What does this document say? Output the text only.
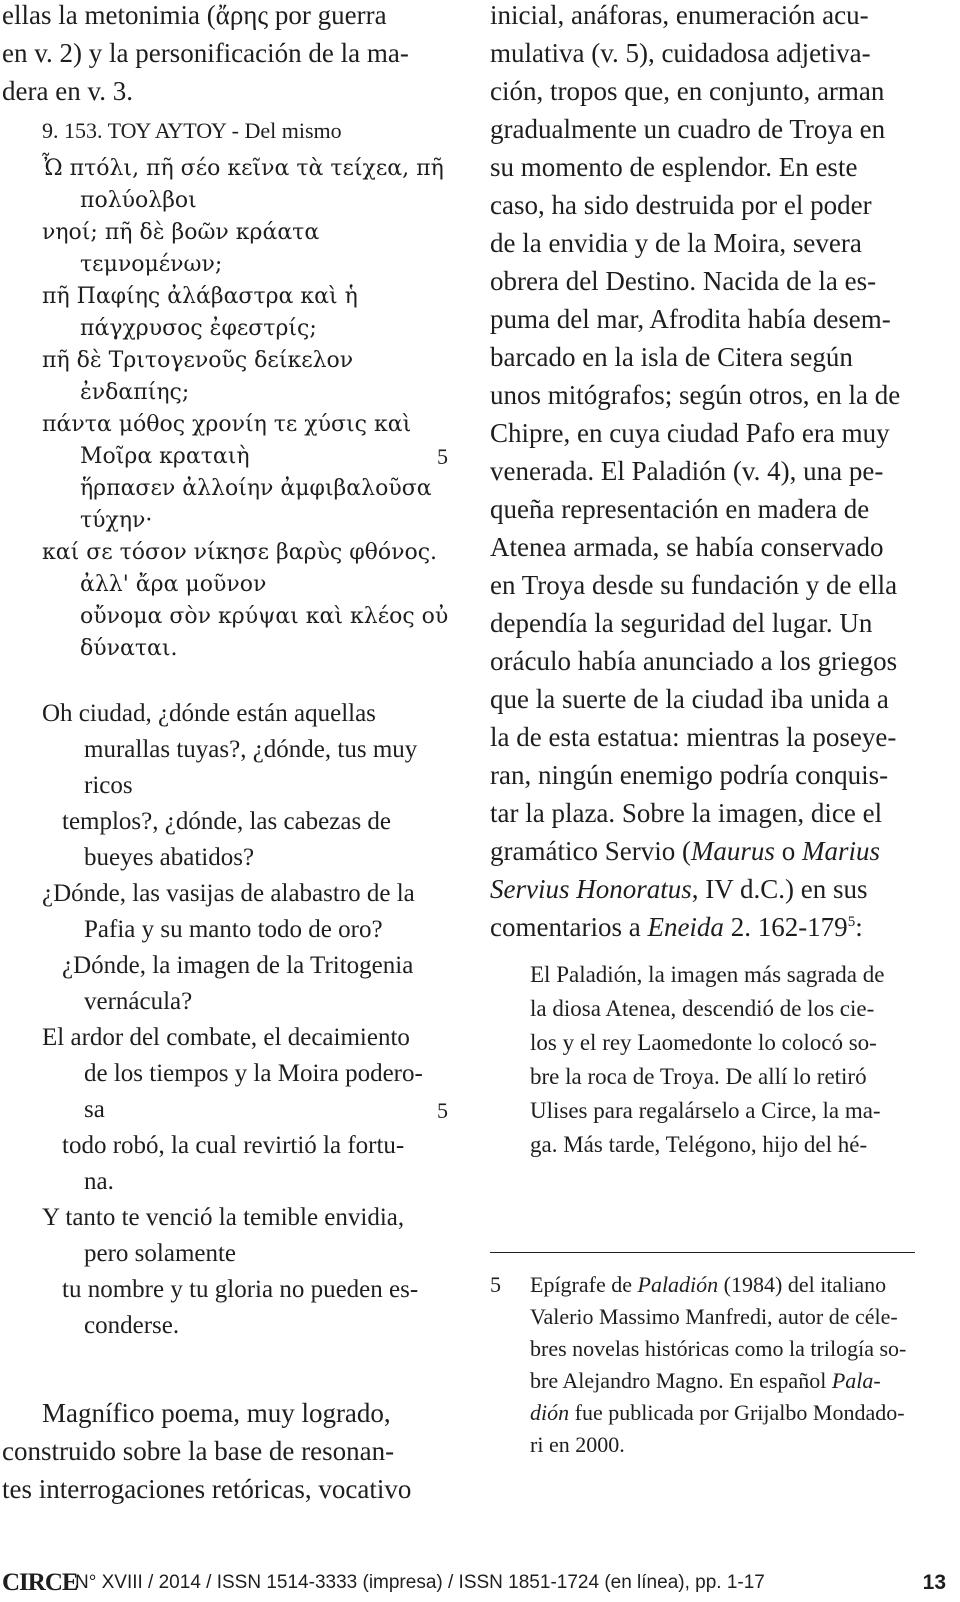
ellas la metonimia (ἄρης por guerra
en v. 2) y la personificación de la ma-
dera en v. 3.
9. 153. ΤΟΥ ΑΥΤΟΥ - Del mismo
Ὦ πτόλι, πῆ σέο κεῖνα τὰ τείχεα, πῆ
πολύολβοι
νηοί; πῆ δὲ βοῶν κράατα
τεμνομένων;
πῆ Παφίης ἀλάβαστρα καὶ ἡ
πάγχρυσος ἐφεστρίς;
πῆ δὲ Τριτογενοῦς δείκελον
ἐνδαπίης;
πάντα μόθος χρονίη τε χύσις καὶ
Μοῖρα κραταιὴ	5
ἥρπασεν ἀλλοίην ἀμφιβαλοῦσα
τύχην·
καί σε τόσον νίκησε βαρὺς φθόνος.
ἀλλ' ἄρα μοῦνον
οὔνομα σὸν κρύψαι καὶ κλέος οὐ
δύναται.
Oh ciudad, ¿dónde están aquellas
murallas tuyas?, ¿dónde, tus muy
ricos
templos?, ¿dónde, las cabezas de
bueyes abatidos?
¿Dónde, las vasijas de alabastro de la
Pafia y su manto todo de oro?
¿Dónde, la imagen de la Tritogenia
vernácula?
El ardor del combate, el decaimiento
de los tiempos y la Moira podero-
sa	5
todo robó, la cual revirtió la fortu-
na.
Y tanto te venció la temible envidia,
pero solamente
tu nombre y tu gloria no pueden es-
conderse.
Magnífico poema, muy logrado,
construido sobre la base de resonan-
tes interrogaciones retóricas, vocativo
inicial, anáforas, enumeración acu-
mulativa (v. 5), cuidadosa adjetiva-
ción, tropos que, en conjunto, arman
gradualmente un cuadro de Troya en
su momento de esplendor. En este
caso, ha sido destruida por el poder
de la envidia y de la Moira, severa
obrera del Destino. Nacida de la es-
puma del mar, Afrodita había desem-
barcado en la isla de Citera según
unos mitógrafos; según otros, en la de
Chipre, en cuya ciudad Pafo era muy
venerada. El Paladión (v. 4), una pe-
queña representación en madera de
Atenea armada, se había conservado
en Troya desde su fundación y de ella
dependía la seguridad del lugar. Un
oráculo había anunciado a los griegos
que la suerte de la ciudad iba unida a
la de esta estatua: mientras la poseye-
ran, ningún enemigo podría conquis-
tar la plaza. Sobre la imagen, dice el
gramático Servio (Maurus o Marius
Servius Honoratus, IV d.C.) en sus
comentarios a Eneida 2. $162-179^5$:
El Paladión, la imagen más sagrada de
la diosa Atenea, descendió de los cie-
los y el rey Laomedonte lo colocó so-
bre la roca de Troya. De allí lo retiró
Ulises para regalárselo a Circe, la ma-
ga. Más tarde, Telégono, hijo del hé-
5 Epígrafe de Paladión (1984) del italiano
Valerio Massimo Manfredi, autor de céle-
bres novelas históricas como la trilogía so-
bre Alejandro Magno. En español Pala-
dión fue publicada por Grijalbo Mondado-
ri en 2000.
CIRCE
N° XVIII / 2014 / ISSN 1514-3333 (impresa) / ISSN 1851-1724 (en línea), pp. 1-17	13
